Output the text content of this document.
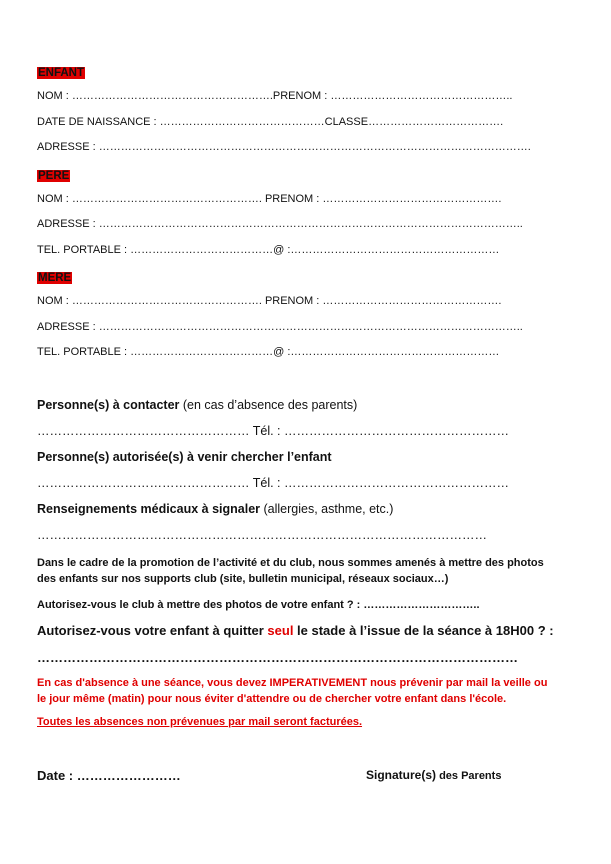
ENFANT
NOM : ……………………………………………….PRENOM : …………………………………………..
DATE DE NAISSANCE : ………………………………………CLASSE……………………………….
ADRESSE : ……………………………………………………………………………………………………….
PERE
NOM : ……………………………………………. PRENOM : ………………………………………….
ADRESSE : ……………………………………………………………………………………………………..
TEL. PORTABLE : …………………………………@ :…………………………………………………
MERE
NOM : ……………………………………………. PRENOM : ………………………………………….
ADRESSE : ……………………………………………………………………………………………………..
TEL. PORTABLE : …………………………………@ :…………………………………………………
Personne(s) à contacter (en cas d’absence des parents)
…………………………………………… Tél. : ………………………………………………
Personne(s) autorisée(s) à venir chercher l’enfant
…………………………………………… Tél. : ………………………………………………
Renseignements médicaux à signaler (allergies, asthme, etc.)
………………………………………………………………………………………………
Dans le cadre de la promotion de l’activité et du club, nous sommes amenés à mettre des photos
des enfants sur nos supports club (site, bulletin municipal, réseaux sociaux…)
Autorisez-vous le club à mettre des photos de votre enfant ? : …………………………..
Autorisez-vous votre enfant à quitter seul le stade à l’issue de la séance à 18H00 ? :
…………………………………………………………………………………………………
En cas d'absence à une séance, vous devez IMPERATIVEMENT nous prévenir par mail la veille ou
le jour même (matin) pour nous éviter d'attendre ou de chercher votre enfant dans l'école.
Toutes les absences non prévenues par mail seront facturées.
Date : ……………………	Signature(s) des Parents
